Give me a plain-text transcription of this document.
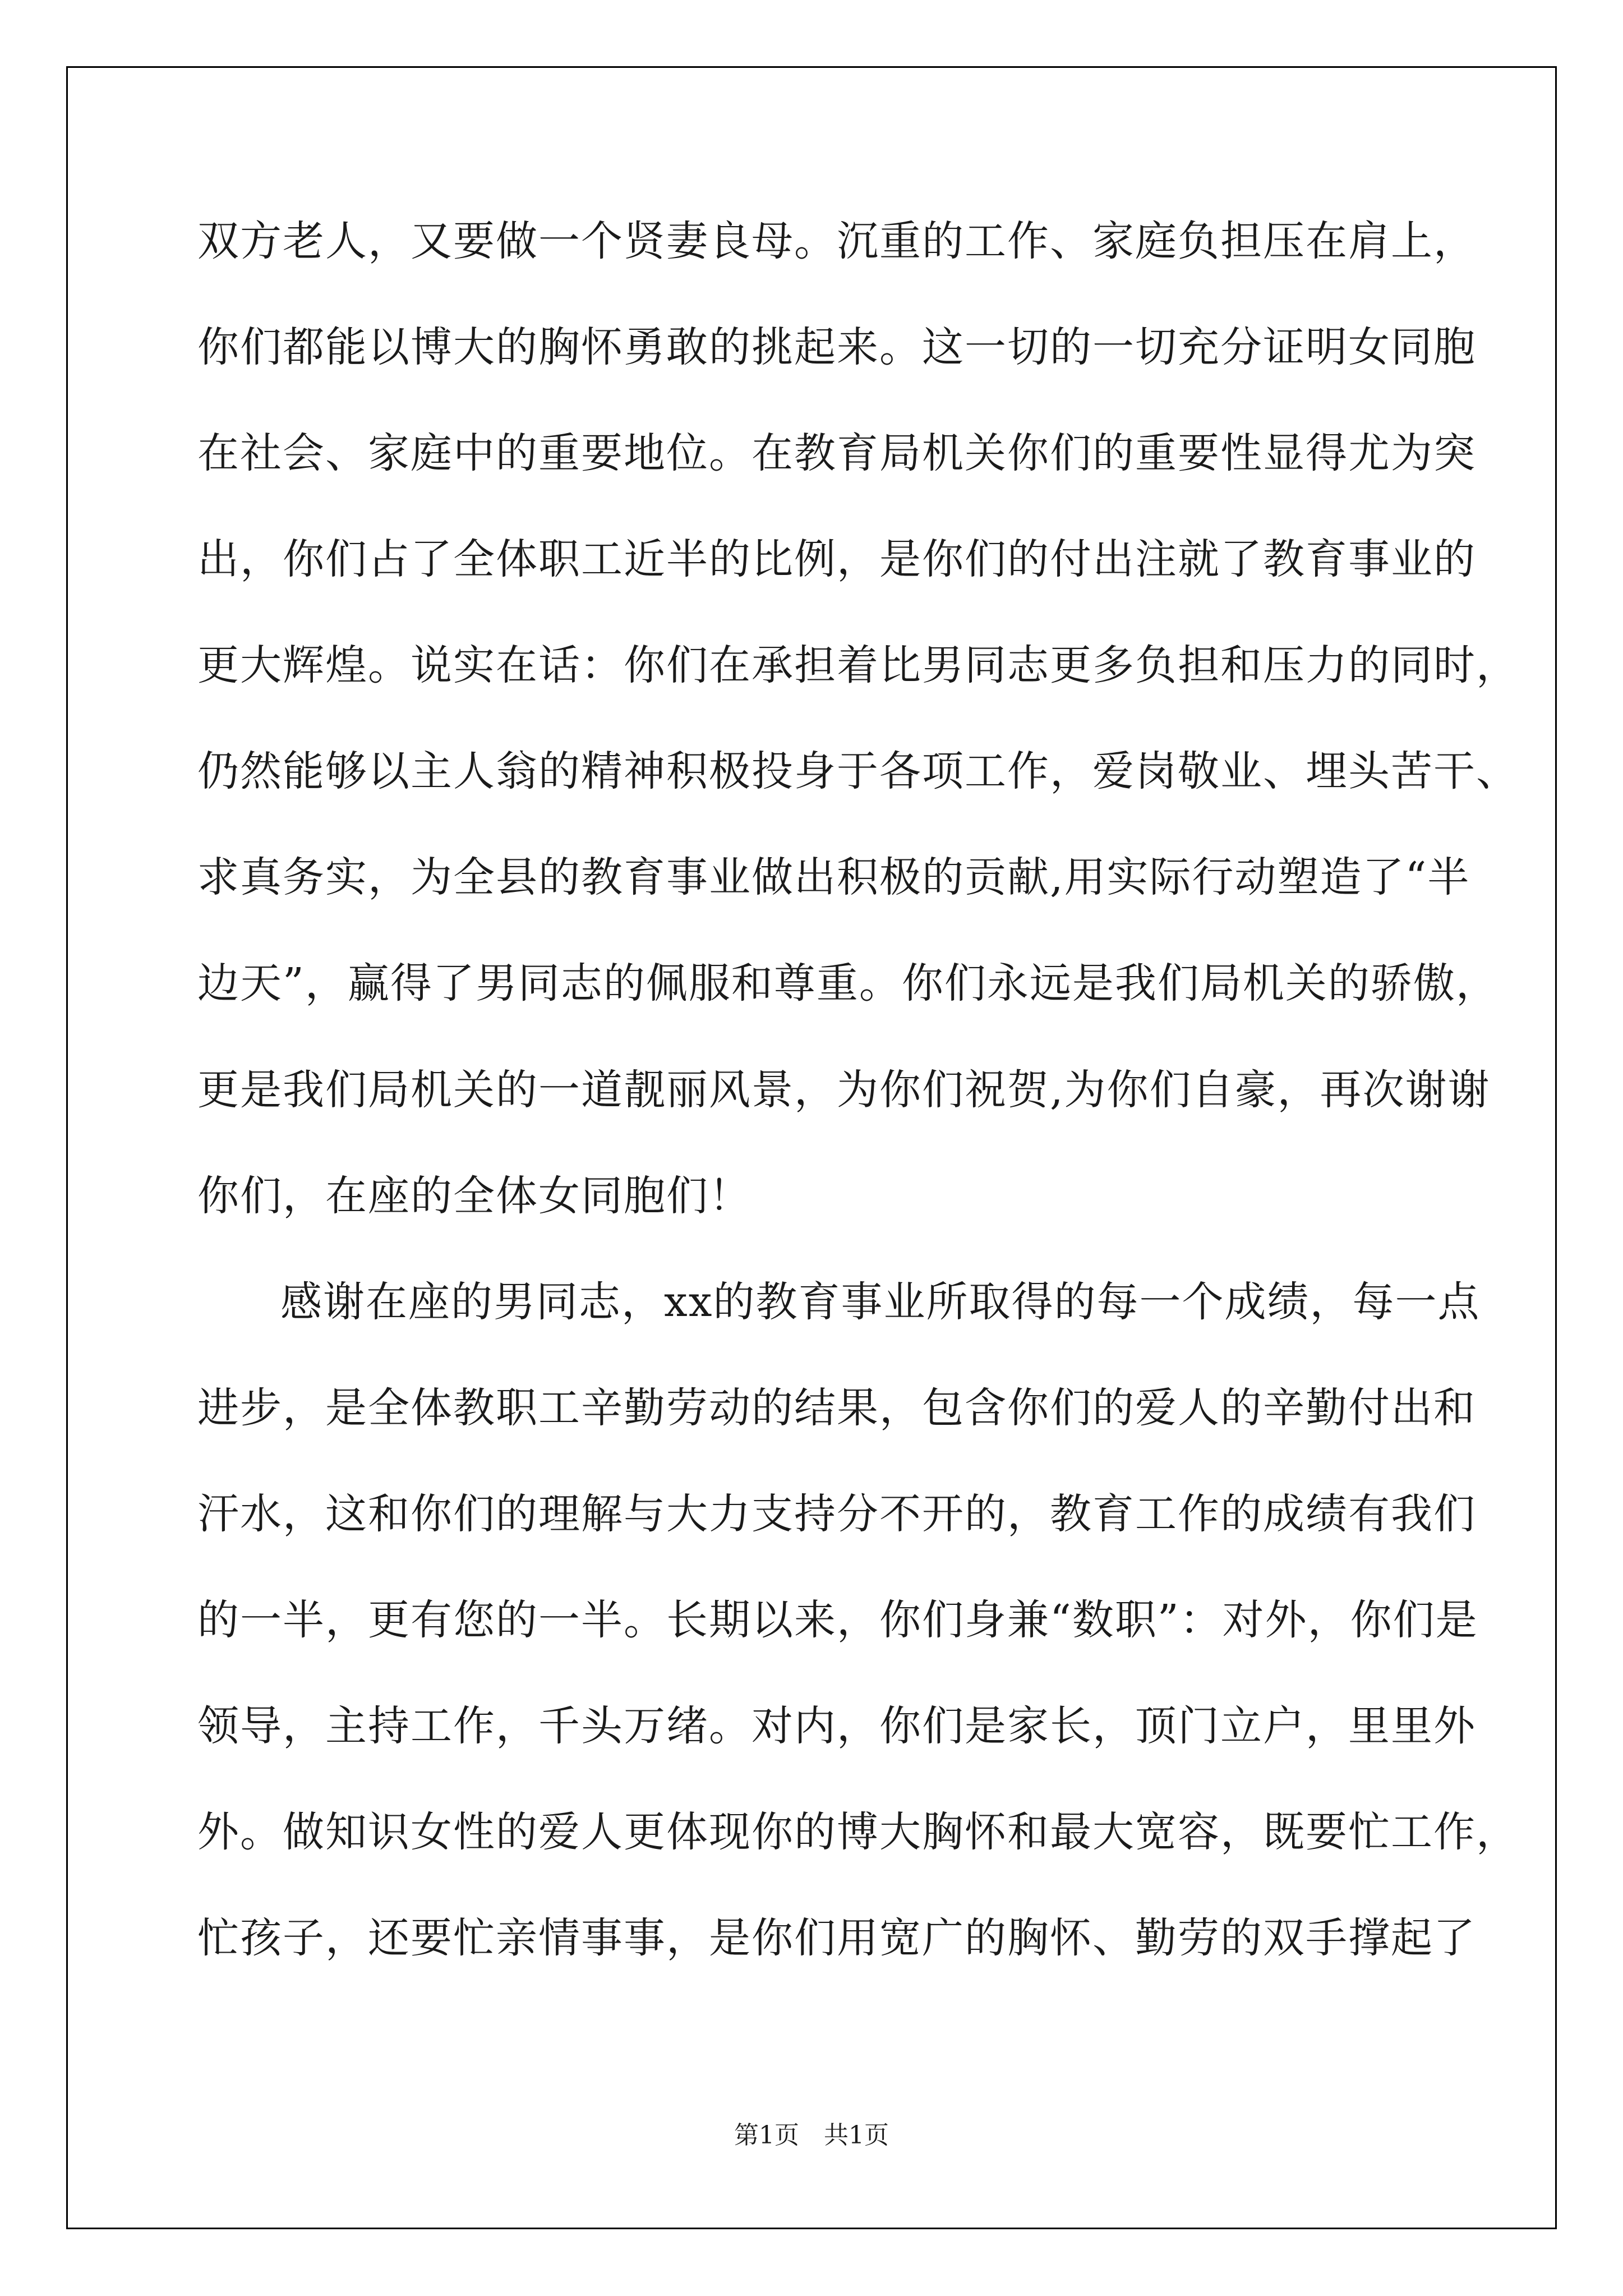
双方老人，又要做一个贤妻良母。沉重的工作、家庭负担压在肩上，
你们都能以博大的胸怀勇敢的挑起来。这一切的一切充分证明女同胞
在社会、家庭中的重要地位。在教育局机关你们的重要性显得尤为突
出，你们占了全体职工近半的比例，是你们的付出注就了教育事业的
更大辉煌。说实在话：你们在承担着比男同志更多负担和压力的同时，
仍然能够以主人翁的精神积极投身于各项工作，爱岗敬业、埋头苦干、
求真务实，为全县的教育事业做出积极的贡献,用实际行动塑造了“半
边天”，赢得了男同志的佩服和尊重。你们永远是我们局机关的骄傲，
更是我们局机关的一道靓丽风景，为你们祝贺,为你们自豪，再次谢谢
你们，在座的全体女同胞们！
感谢在座的男同志，xx的教育事业所取得的每一个成绩，每一点
进步，是全体教职工辛勤劳动的结果，包含你们的爱人的辛勤付出和
汗水，这和你们的理解与大力支持分不开的，教育工作的成绩有我们
的一半，更有您的一半。长期以来，你们身兼“数职”：对外，你们是
领导，主持工作，千头万绪。对内，你们是家长，顶门立户，里里外
外。做知识女性的爱人更体现你的博大胸怀和最大宽容，既要忙工作，
第1页　共1页
忙孩子，还要忙亲情事事，是你们用宽广的胸怀、勤劳的双手撑起了
